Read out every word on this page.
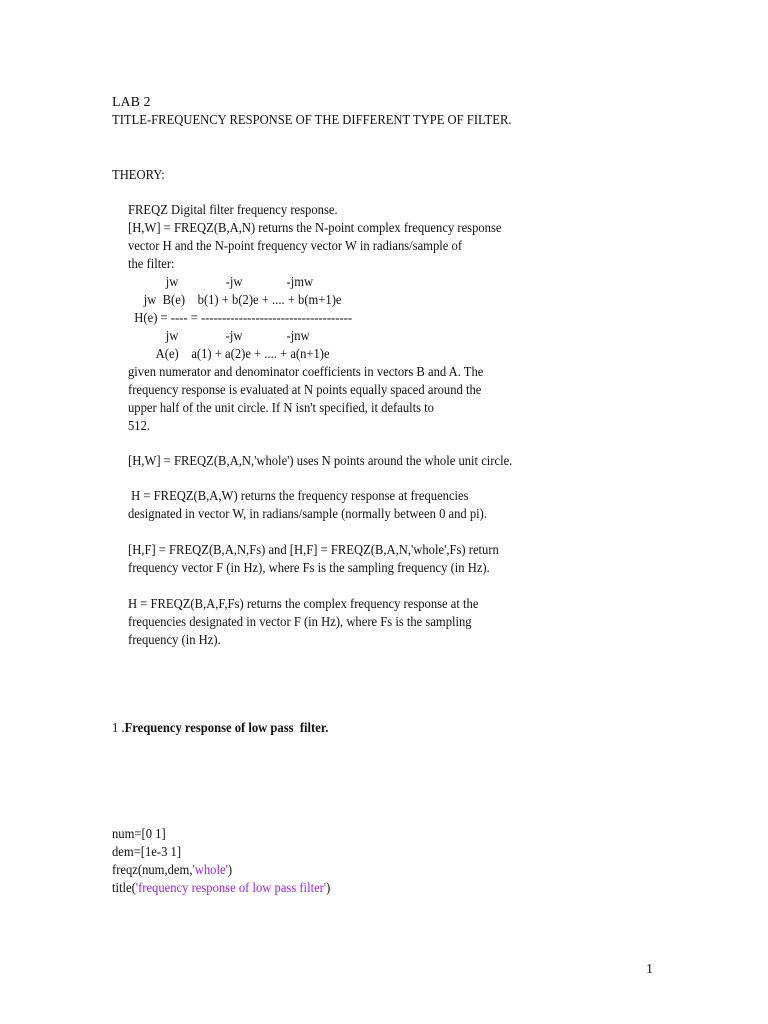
LAB 2

TITLE-FREQUENCY RESPONSE OF THE DIFFERENT TYPE OF FILTER.

THEORY:

FREQZ Digital filter frequency response.

[H,W] = FREQZ(B,A,N) returns the N-point complex frequency response

vector H and the N-point frequency vector W in radians/sample of

the filter:

jw               -jw              -jmw

jw  B(e)    b(1) + b(2)e + .... + b(m+1)e

H(e) = ---- = ------------------------------------

jw               -jw              -jnw

A(e)    a(1) + a(2)e + .... + a(n+1)e

given numerator and denominator coefficients in vectors B and A. The

frequency response is evaluated at N points equally spaced around the

upper half of the unit circle. If N isn't specified, it defaults to

512.

[H,W] = FREQZ(B,A,N,'whole') uses N points around the whole unit circle.

H = FREQZ(B,A,W) returns the frequency response at frequencies

designated in vector W, in radians/sample (normally between 0 and pi).

[H,F] = FREQZ(B,A,N,Fs) and [H,F] = FREQZ(B,A,N,'whole',Fs) return

frequency vector F (in Hz), where Fs is the sampling frequency (in Hz).

H = FREQZ(B,A,F,Fs) returns the complex frequency response at the

frequencies designated in vector F (in Hz), where Fs is the sampling

frequency (in Hz).

1 .Frequency response of low pass  filter.

num=[0 1]

dem=[1e-3 1]

freqz(num,dem,'whole')

title('frequency response of low pass filter')

1
